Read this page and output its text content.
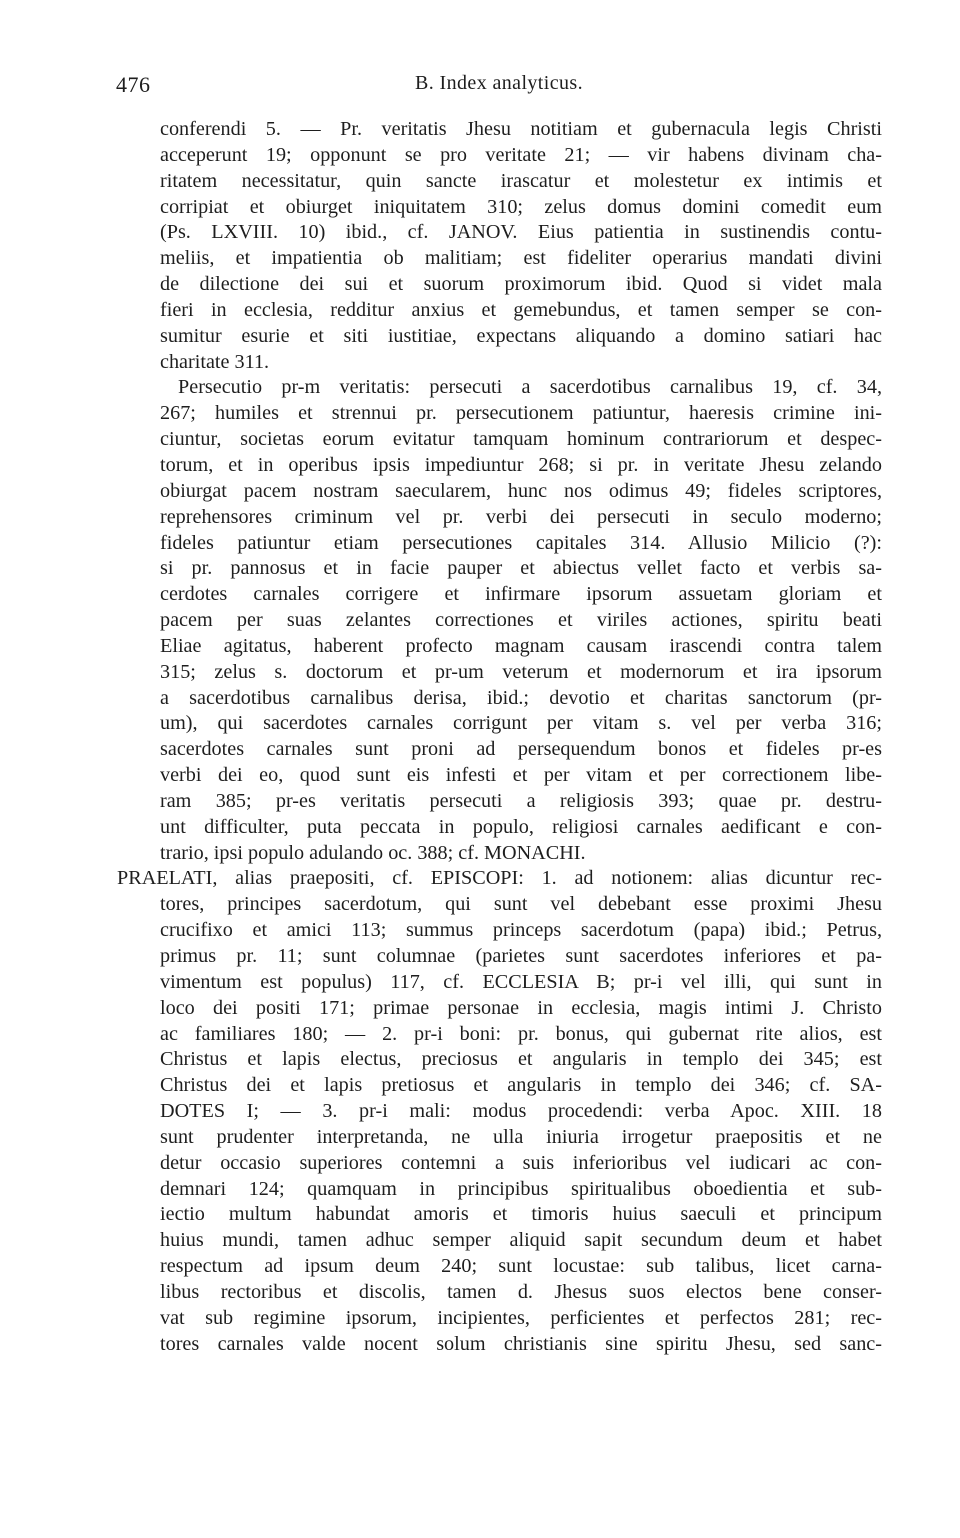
476	B. Index analyticus.
conferendi 5. — Pr. veritatis Jhesu notitiam et gubernacula legis Christi
acceperunt 19; opponunt se pro veritate 21; — vir habens divinam cha-
ritatem necessitatur, quin sancte irascatur et molestetur ex intimis et
corripiat et obiurget iniquitatem 310; zelus domus domini comedit eum
(Ps. LXVIII. 10) ibid., cf. JANOV. Eius patientia in sustinendis contu-
meliis, et impatientia ob malitiam; est fideliter operarius mandati divini
de dilectione dei sui et suorum proximorum ibid. Quod si videt mala
fieri in ecclesia, redditur anxius et gemebundus, et tamen semper se con-
sumitur esurie et siti iustitiae, expectans aliquando a domino satiari hac
charitate 311.
Persecutio pr-m veritatis: persecuti a sacerdotibus carnalibus 19, cf. 34,
267; humiles et strennui pr. persecutionem patiuntur, haeresis crimine ini-
ciuntur, societas eorum evitatur tamquam hominum contrariorum et despec-
torum, et in operibus ipsis impediuntur 268; si pr. in veritate Jhesu zelando
obiurgat pacem nostram saecularem, hunc nos odimus 49; fideles scriptores,
reprehensores criminum vel pr. verbi dei persecuti in seculo moderno;
fideles patiuntur etiam persecutiones capitales 314. Allusio Milicio (?):
si pr. pannosus et in facie pauper et abiectus vellet facto et verbis sa-
cerdotes carnales corrigere et infirmare ipsorum assuetam gloriam et
pacem per suas zelantes correctiones et viriles actiones, spiritu beati
Eliae agitatus, haberent profecto magnam causam irascendi contra talem
315; zelus s. doctorum et pr-um veterum et modernorum et ira ipsorum
a sacerdotibus carnalibus derisa, ibid.; devotio et charitas sanctorum (pr-
um), qui sacerdotes carnales corrigunt per vitam s. vel per verba 316;
sacerdotes carnales sunt proni ad persequendum bonos et fideles pr-es
verbi dei eo, quod sunt eis infesti et per vitam et per correctionem libe-
ram 385; pr-es veritatis persecuti a religiosis 393; quae pr. destru-
unt difficulter, puta peccata in populo, religiosi carnales aedificant e con-
trario, ipsi populo adulando oc. 388; cf. MONACHI.
PRAELATI, alias praepositi, cf. EPISCOPI: 1. ad notionem: alias dicuntur rec-
tores, principes sacerdotum, qui sunt vel debebant esse proximi Jhesu
crucifixo et amici 113; summus princeps sacerdotum (papa) ibid.; Petrus,
primus pr. 11; sunt columnae (parietes sunt sacerdotes inferiores et pa-
vimentum est populus) 117, cf. ECCLESIA B; pr-i vel illi, qui sunt in
loco dei positi 171; primae personae in ecclesia, magis intimi J. Christo
ac familiares 180; — 2. pr-i boni: pr. bonus, qui gubernat rite alios, est
Christus et lapis electus, preciosus et angularis in templo dei 345; est
Christus dei et lapis pretiosus et angularis in templo dei 346; cf. SA-
DOTES I; — 3. pr-i mali: modus procedendi: verba Apoc. XIII. 18
sunt prudenter interpretanda, ne ulla iniuria irrogetur praepositis et ne
detur occasio superiores contemni a suis inferioribus vel iudicari ac con-
demnari 124; quamquam in principibus spiritualibus oboedientia et sub-
iectio multum habundat amoris et timoris huius saeculi et principum
huius mundi, tamen adhuc semper aliquid sapit secundum deum et habet
respectum ad ipsum deum 240; sunt locustae: sub talibus, licet carna-
libus rectoribus et discolis, tamen d. Jhesus suos electos bene conser-
vat sub regimine ipsorum, incipientes, perficientes et perfectos 281; rec-
tores carnales valde nocent solum christianis sine spiritu Jhesu, sed sanc-
